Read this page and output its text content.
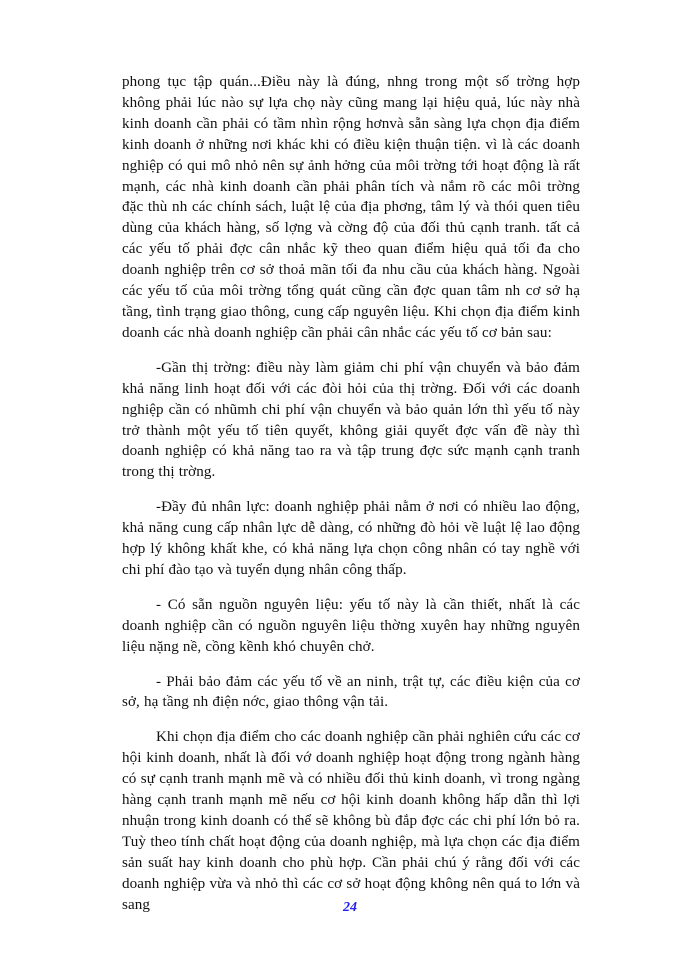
phong tục tập quán...Điều này là đúng, nhng trong một số trờng hợp không phải lúc nào sự lựa chọ này cũng mang lại hiệu quả, lúc này nhà kinh doanh cần phải có tầm nhìn rộng hơnvà sẵn sàng lựa chọn địa điểm kinh doanh ở những nơi khác khi có điều kiện thuận tiện. vì là các doanh nghiệp có qui mô nhỏ nên sự ảnh hởng của môi trờng tới hoạt động là rất mạnh, các nhà kinh doanh cần phải phân tích và nắm rõ các môi trờng đặc thù nh các chính sách, luật lệ của địa phơng, tâm lý và thói quen tiêu dùng của khách hàng, số lợng và cờng độ của đối thủ cạnh tranh. tất cả các yếu tố phải đợc cân nhắc kỹ theo quan điểm hiệu quả tối đa cho doanh nghiệp trên cơ sở thoả mãn tối đa nhu cầu của khách hàng. Ngoài các yếu tố của môi trờng tổng quát cũng cần đợc quan tâm nh cơ sở hạ tầng, tình trạng giao thông, cung cấp nguyên liệu. Khi chọn địa điểm kinh doanh các nhà doanh nghiệp cần phải cân nhắc các yếu tố cơ bản sau:

-Gần thị trờng: điều này làm giảm chi phí vận chuyển và bảo đảm khả năng linh hoạt đối với các đòi hỏi của thị trờng. Đối với các doanh nghiệp cần có nhũmh chi phí vận chuyển và bảo quản lớn thì yếu tố này trở thành một yếu tố tiên quyết, không giải quyết đợc vấn đề này thì doanh nghiệp có khả năng tao ra và tập trung đợc sức mạnh cạnh tranh trong thị trờng.

-Đầy đủ nhân lực: doanh nghiệp phải nằm ở nơi có nhiều lao động, khả năng cung cấp nhân lực dễ dàng, có những đò hỏi về luật lệ lao động hợp lý không khất khe, có khả năng lựa chọn công nhân có tay nghề với chi phí đào tạo và tuyển dụng nhân công thấp.

- Có sẵn nguồn nguyên liệu: yếu tố này là cần thiết, nhất là các doanh nghiệp cần có nguồn nguyên liệu thờng xuyên hay những nguyên liệu nặng nề, cồng kềnh khó chuyên chở.

- Phải bảo đảm các yếu tố về an ninh, trật tự, các điều kiện của cơ sở, hạ tầng nh điện nớc, giao thông vận tải.

Khi chọn địa điểm cho các doanh nghiệp cần phải nghiên cứu các cơ hội kinh doanh, nhất là đối vớ doanh nghiệp hoạt động trong ngành hàng có sự cạnh tranh mạnh mẽ và có nhiều đối thủ kinh doanh, vì trong ngàng hàng cạnh tranh mạnh mẽ nếu cơ hội kinh doanh không hấp dẫn thì lợi nhuận trong kinh doanh có thể sẽ không bù đắp đợc các chi phí lớn bỏ ra. Tuỳ theo tính chất hoạt động của doanh nghiệp, mà lựa chọn các địa điểm sản suất hay kinh doanh cho phù hợp. Cần phải chú ý rằng đối với các doanh nghiệp vừa và nhỏ thì các cơ sở hoạt động không nên quá to lớn và sang	24
